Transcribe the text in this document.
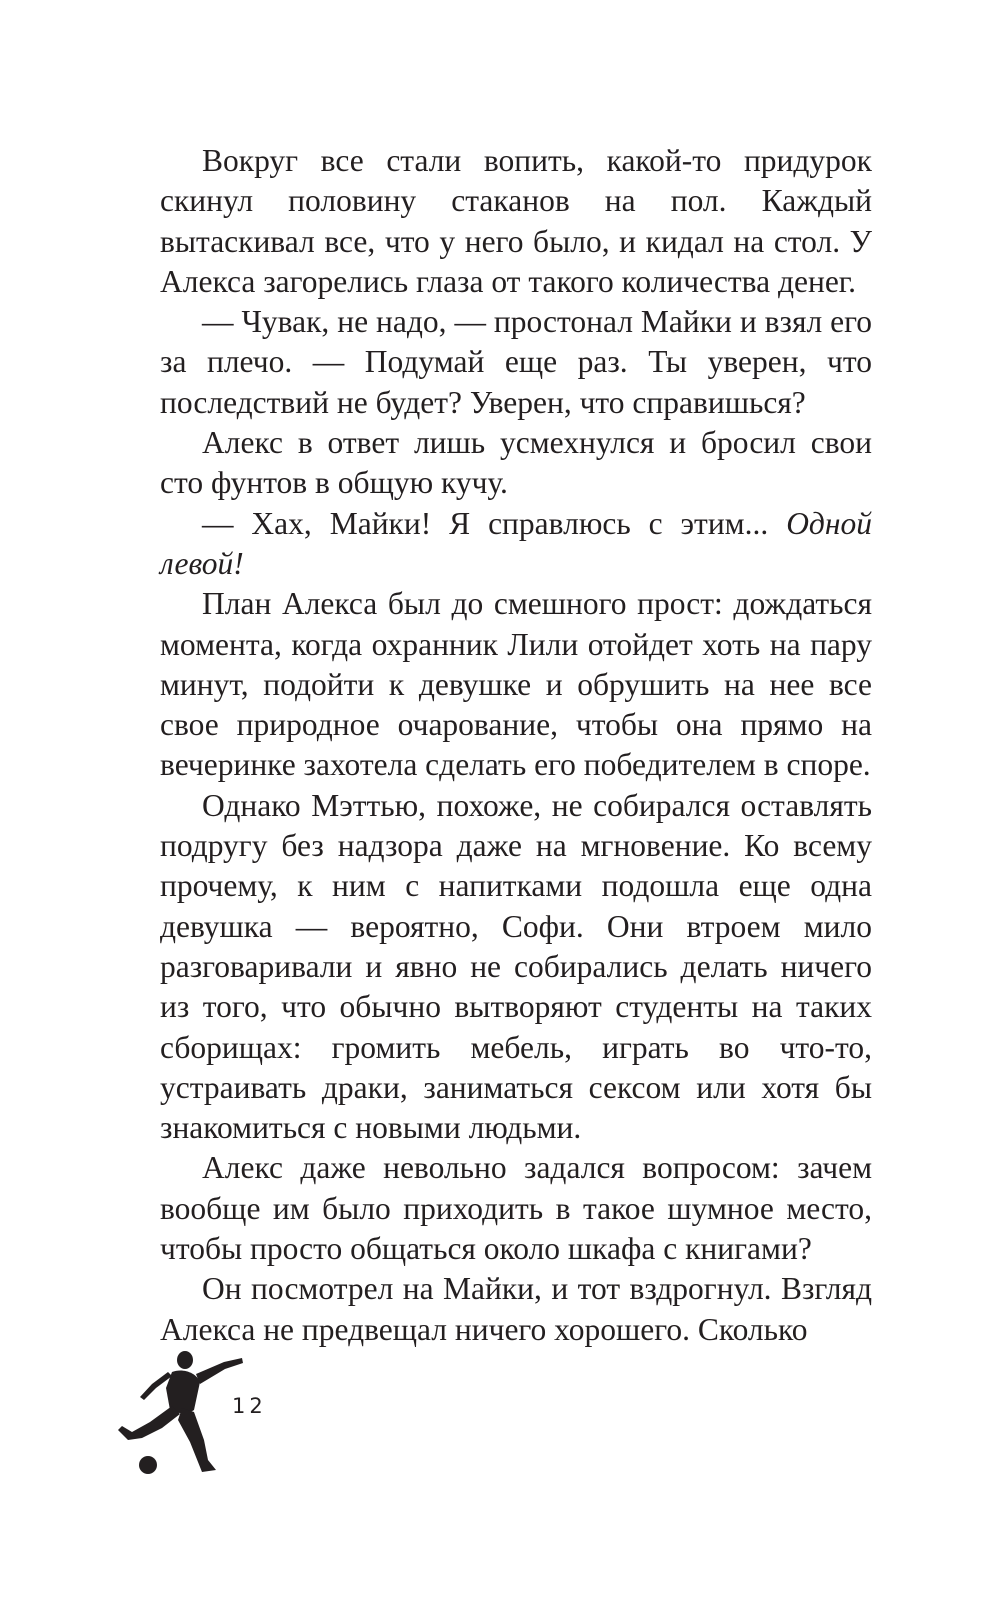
Вокруг все стали вопить, какой-то придурок скинул половину стаканов на пол. Каждый вытаскивал все, что у него было, и кидал на стол. У Алекса загорелись глаза от такого количества денег.

— Чувак, не надо, — простонал Майки и взял его за плечо. — Подумай еще раз. Ты уверен, что последствий не будет? Уверен, что справишься?

Алекс в ответ лишь усмехнулся и бросил свои сто фунтов в общую кучу.

— Хах, Майки! Я справлюсь с этим... Одной левой!

План Алекса был до смешного прост: дождаться момента, когда охранник Лили отойдет хоть на пару минут, подойти к девушке и обрушить на нее все свое природное очарование, чтобы она прямо на вечеринке захотела сделать его победителем в споре.

Однако Мэттью, похоже, не собирался оставлять подругу без надзора даже на мгновение. Ко всему прочему, к ним с напитками подошла еще одна девушка — вероятно, Софи. Они втроем мило разговаривали и явно не собирались делать ничего из того, что обычно вытворяют студенты на таких сборищах: громить мебель, играть во что-то, устраивать драки, заниматься сексом или хотя бы знакомиться с новыми людьми.

Алекс даже невольно задался вопросом: зачем вообще им было приходить в такое шумное место, чтобы просто общаться около шкафа с книгами?

Он посмотрел на Майки, и тот вздрогнул. Взгляд Алекса не предвещал ничего хорошего. Сколько

12
